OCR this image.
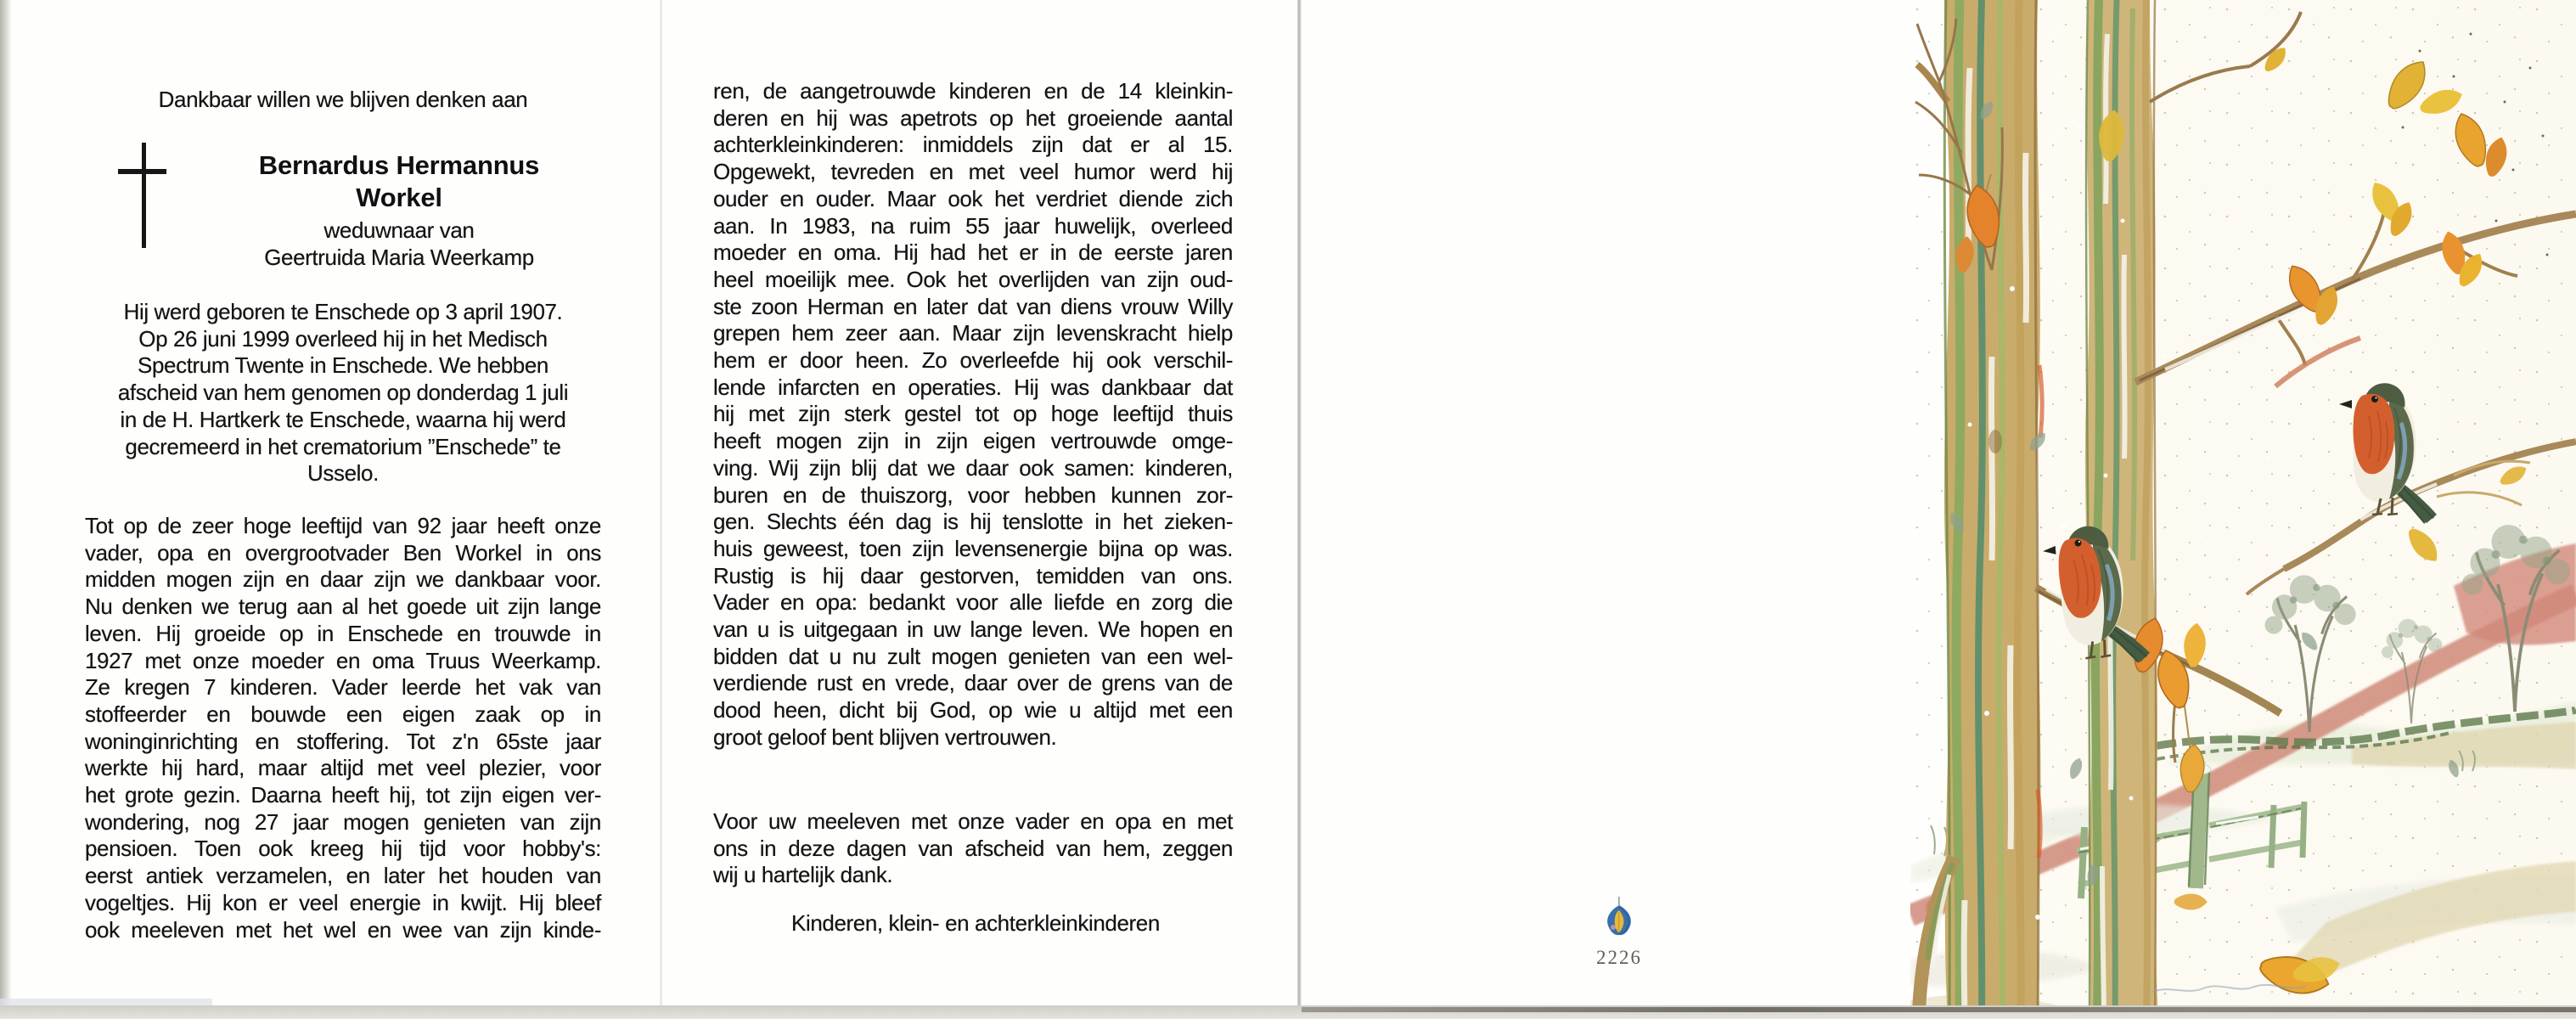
Dankbaar willen we blijven denken aan
Bernardus Hermannus
Workel
weduwnaar van
Geertruida Maria Weerkamp
Hij werd geboren te Enschede op 3 april 1907.
Op 26 juni 1999 overleed hij in het Medisch
Spectrum Twente in Enschede. We hebben
afscheid van hem genomen op donderdag 1 juli
in de H. Hartkerk te Enschede, waarna hij werd
gecremeerd in het crematorium ”Enschede” te
Usselo.
Tot op de zeer hoge leeftijd van 92 jaar heeft onze
vader, opa en overgrootvader Ben Workel in ons
midden mogen zijn en daar zijn we dankbaar voor.
Nu denken we terug aan al het goede uit zijn lange
leven. Hij groeide op in Enschede en trouwde in
1927 met onze moeder en oma Truus Weerkamp.
Ze kregen 7 kinderen. Vader leerde het vak van
stoffeerder en bouwde een eigen zaak op in
woninginrichting en stoffering. Tot z'n 65ste jaar
werkte hij hard, maar altijd met veel plezier, voor
het grote gezin. Daarna heeft hij, tot zijn eigen ver-
wondering, nog 27 jaar mogen genieten van zijn
pensioen. Toen ook kreeg hij tijd voor hobby's:
eerst antiek verzamelen, en later het houden van
vogeltjes. Hij kon er veel energie in kwijt. Hij bleef
ook meeleven met het wel en wee van zijn kinde-
ren, de aangetrouwde kinderen en de 14 kleinkin-
deren en hij was apetrots op het groeiende aantal
achterkleinkinderen: inmiddels zijn dat er al 15.
Opgewekt, tevreden en met veel humor werd hij
ouder en ouder. Maar ook het verdriet diende zich
aan. In 1983, na ruim 55 jaar huwelijk, overleed
moeder en oma. Hij had het er in de eerste jaren
heel moeilijk mee. Ook het overlijden van zijn oud-
ste zoon Herman en later dat van diens vrouw Willy
grepen hem zeer aan. Maar zijn levenskracht hielp
hem er door heen. Zo overleefde hij ook verschil-
lende infarcten en operaties. Hij was dankbaar dat
hij met zijn sterk gestel tot op hoge leeftijd thuis
heeft mogen zijn in zijn eigen vertrouwde omge-
ving. Wij zijn blij dat we daar ook samen: kinderen,
buren en de thuiszorg, voor hebben kunnen zor-
gen. Slechts één dag is hij tenslotte in het zieken-
huis geweest, toen zijn levensenergie bijna op was.
Rustig is hij daar gestorven, temidden van ons.
Vader en opa: bedankt voor alle liefde en zorg die
van u is uitgegaan in uw lange leven. We hopen en
bidden dat u nu zult mogen genieten van een wel-
verdiende rust en vrede, daar over de grens van de
dood heen, dicht bij God, op wie u altijd met een
groot geloof bent blijven vertrouwen.
Voor uw meeleven met onze vader en opa en met
ons in deze dagen van afscheid van hem, zeggen
wij u hartelijk dank.
Kinderen, klein- en achterkleinkinderen
2226
